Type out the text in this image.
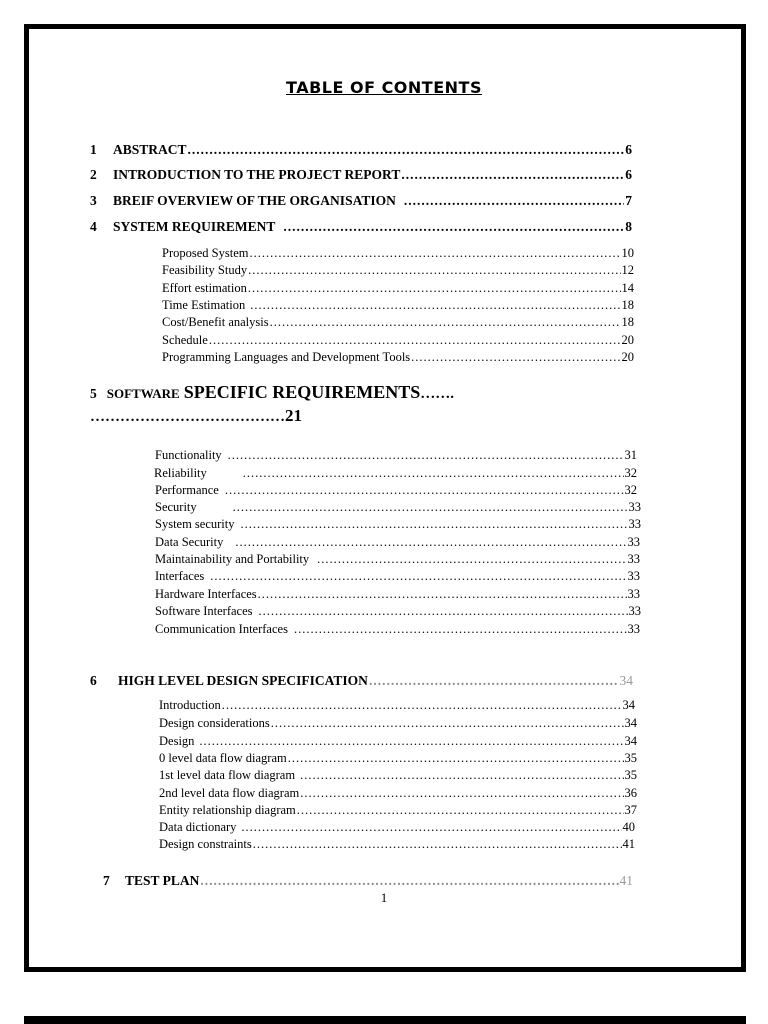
TABLE OF CONTENTS
1	ABSTRACT .....	6
2	INTRODUCTION TO THE PROJECT REPORT .....	6
3	BREIF OVERVIEW OF THE ORGANISATION .....	7
4	SYSTEM REQUIREMENT .....	8
Proposed System .....	10
Feasibility Study .....	12
Effort estimation .....	14
Time Estimation .....	18
Cost/Benefit analysis .....	18
Schedule .....	20
Programming Languages and Development Tools .....	20
5 SOFTWARE SPECIFIC REQUIREMENTS…….
…………………………………21
Functionality .....	31
Reliability .....	32
Performance .....	32
Security .....	33
System security .....	33
Data Security .....	33
Maintainability and Portability .....	33
Interfaces .....	33
Hardware Interfaces .....	33
Software Interfaces .....	33
Communication Interfaces .....	33
6	HIGH LEVEL DESIGN SPECIFICATION .....	34
Introduction .....	34
Design considerations .....	34
Design .....	34
0 level data flow diagram .....	35
1st level data flow diagram .....	35
2nd level data flow diagram .....	36
Entity relationship diagram .....	37
Data dictionary .....	40
Design constraints .....	41
7	TEST PLAN .....	41
1
